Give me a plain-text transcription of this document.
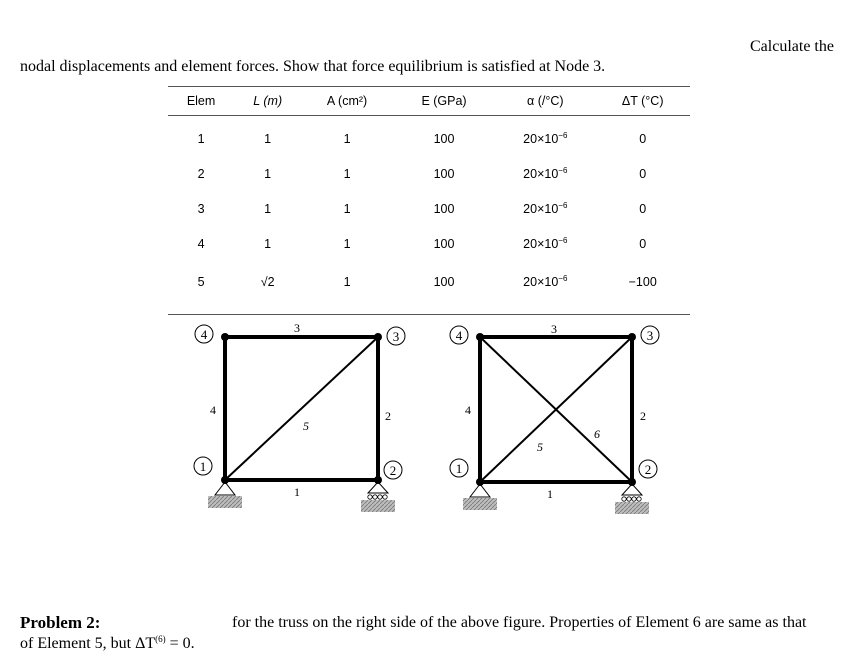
Calculate the
nodal displacements and element forces. Show that force equilibrium is satisfied at Node 3.
Elem	L (m)	A (cm²)	E (GPa)	α (/°C)	ΔT (°C)
1	1	1	100	$20\times 10^{-6}$	0
2	1	1	100	$20\times 10^{-6}$	0
3	1	1	100	$20\times 10^{-6}$	0
4	1	1	100	$20\times 10^{-6}$	0
5	√2	1	100	$20\times 10^{-6}$	−100
4	3
1	2
3
4
5
2
1
4	3
1	2
3
4	2
6
5
1
Problem 2:	for the truss on the right side of the above figure. Properties of Element 6 are same as that
of Element 5, but $\Delta T^{(6)} = 0$.
